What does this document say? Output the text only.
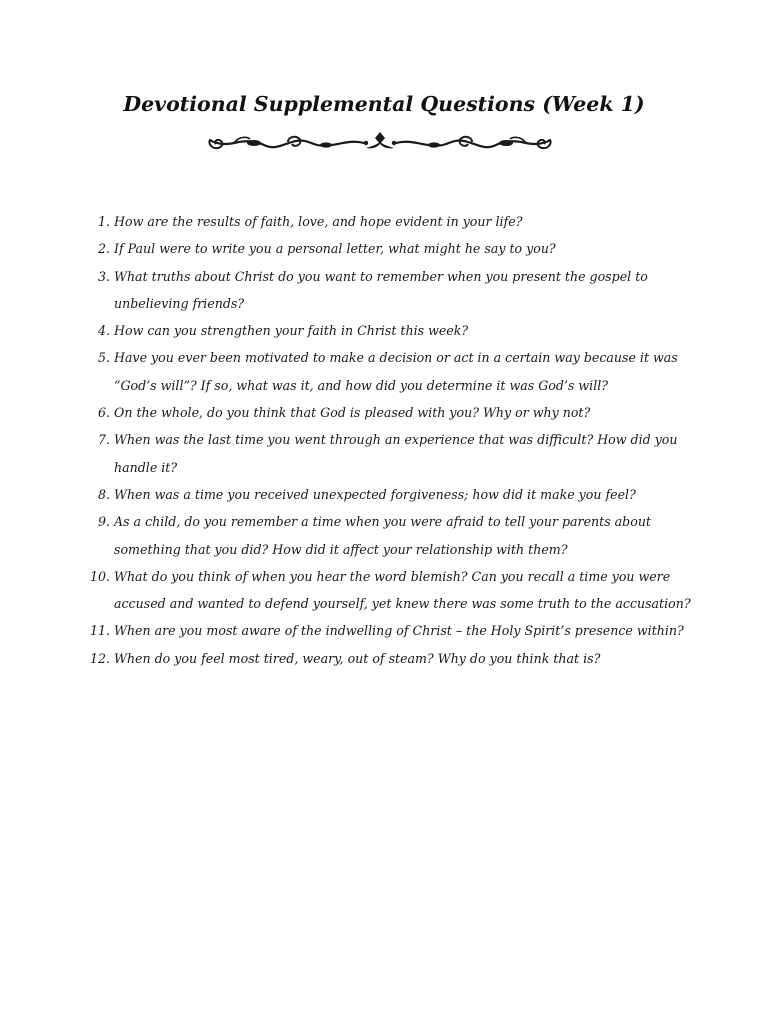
Devotional Supplemental Questions (Week 1)
1. How are the results of faith, love, and hope evident in your life?
2. If Paul were to write you a personal letter, what might he say to you?
3. What truths about Christ do you want to remember when you present the gospel to
unbelieving friends?
4. How can you strengthen your faith in Christ this week?
5. Have you ever been motivated to make a decision or act in a certain way because it was
“God’s will”? If so, what was it, and how did you determine it was God’s will?
6. On the whole, do you think that God is pleased with you? Why or why not?
7. When was the last time you went through an experience that was difficult? How did you
handle it?
8. When was a time you received unexpected forgiveness; how did it make you feel?
9. As a child, do you remember a time when you were afraid to tell your parents about
something that you did? How did it affect your relationship with them?
10. What do you think of when you hear the word blemish? Can you recall a time you were
accused and wanted to defend yourself, yet knew there was some truth to the accusation?
11. When are you most aware of the indwelling of Christ – the Holy Spirit’s presence within?
12. When do you feel most tired, weary, out of steam? Why do you think that is?
